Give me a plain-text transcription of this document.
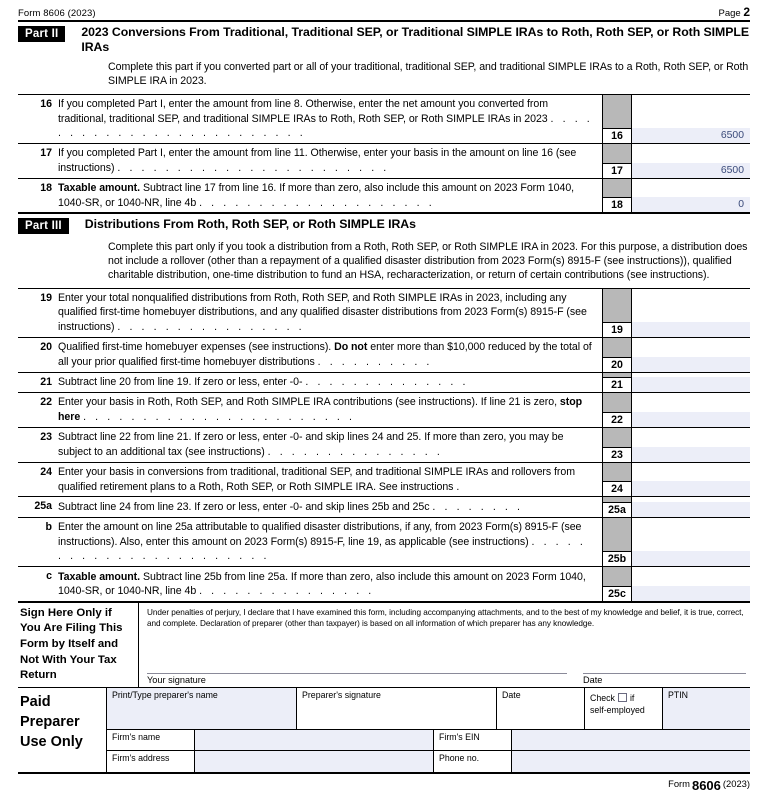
Form 8606 (2023)	Page 2
Part II	2023 Conversions From Traditional, Traditional SEP, or Traditional SIMPLE IRAs to Roth, Roth SEP, or Roth SIMPLE IRAs
Complete this part if you converted part or all of your traditional, traditional SEP, and traditional SIMPLE IRAs to a Roth, Roth SEP, or Roth SIMPLE IRA in 2023.
16 If you completed Part I, enter the amount from line 8. Otherwise, enter the net amount you converted from traditional, traditional SEP, and traditional SIMPLE IRAs to Roth, Roth SEP, or Roth SIMPLE IRAs in 2023 . . . . . . . . . . . . . . . . . . . . . . . . .	16	6500
17 If you completed Part I, enter the amount from line 11. Otherwise, enter your basis in the amount on line 16 (see instructions) . . . . . . . . . . . . . . . . . . . . . . .	17	6500
18 Taxable amount. Subtract line 17 from line 16. If more than zero, also include this amount on 2023 Form 1040, 1040-SR, or 1040-NR, line 4b . . . . . . . . . . . . . . . . . . . .	18	0
Part III	Distributions From Roth, Roth SEP, or Roth SIMPLE IRAs
Complete this part only if you took a distribution from a Roth, Roth SEP, or Roth SIMPLE IRA in 2023. For this purpose, a distribution does not include a rollover (other than a repayment of a qualified disaster distribution from 2023 Form(s) 8915-F (see instructions)), qualified charitable distribution, one-time distribution to fund an HSA, recharacterization, or return of certain contributions (see instructions).
19 Enter your total nonqualified distributions from Roth, Roth SEP, and Roth SIMPLE IRAs in 2023, including any qualified first-time homebuyer distributions, and any qualified disaster distributions from 2023 Form(s) 8915-F (see instructions) . . . . . . . . . . . . . . . .	19
20 Qualified first-time homebuyer expenses (see instructions). Do not enter more than $10,000 reduced by the total of all your prior qualified first-time homebuyer distributions . . . . . . . . . .	20
21 Subtract line 20 from line 19. If zero or less, enter -0- . . . . . . . . . . . . . .	21
22 Enter your basis in Roth, Roth SEP, and Roth SIMPLE IRA contributions (see instructions). If line 21 is zero, stop here . . . . . . . . . . . . . . . . . . . . . . .	22
23 Subtract line 22 from line 21. If zero or less, enter -0- and skip lines 24 and 25. If more than zero, you may be subject to an additional tax (see instructions) . . . . . . . . . . . . . . .	23
24 Enter your basis in conversions from traditional, traditional SEP, and traditional SIMPLE IRAs and rollovers from qualified retirement plans to a Roth, Roth SEP, or Roth SIMPLE IRA. See instructions .	24
25a Subtract line 24 from line 23. If zero or less, enter -0- and skip lines 25b and 25c . . . . . . . .	25a
b Enter the amount on line 25a attributable to qualified disaster distributions, if any, from 2023 Form(s) 8915-F (see instructions). Also, enter this amount on 2023 Form(s) 8915-F, line 19, as applicable (see instructions) . . . . . . . . . . . . . . . . . . . . . . .	25b
c Taxable amount. Subtract line 25b from line 25a. If more than zero, also include this amount on 2023 Form 1040, 1040-SR, or 1040-NR, line 4b . . . . . . . . . . . . . . .	25c
Sign Here Only if You Are Filing This Form by Itself and Not With Your Tax Return
Under penalties of perjury, I declare that I have examined this form, including accompanying attachments, and to the best of my knowledge and belief, it is true, correct, and complete. Declaration of preparer (other than taxpayer) is based on all information of which preparer has any knowledge.
Your signature	Date
Paid Preparer Use Only
Print/Type preparer's name	Preparer's signature	Date	Check if
self-employed
PTIN
Firm's name	Firm's EIN
Firm's address	Phone no.
Form 8606 (2023)
